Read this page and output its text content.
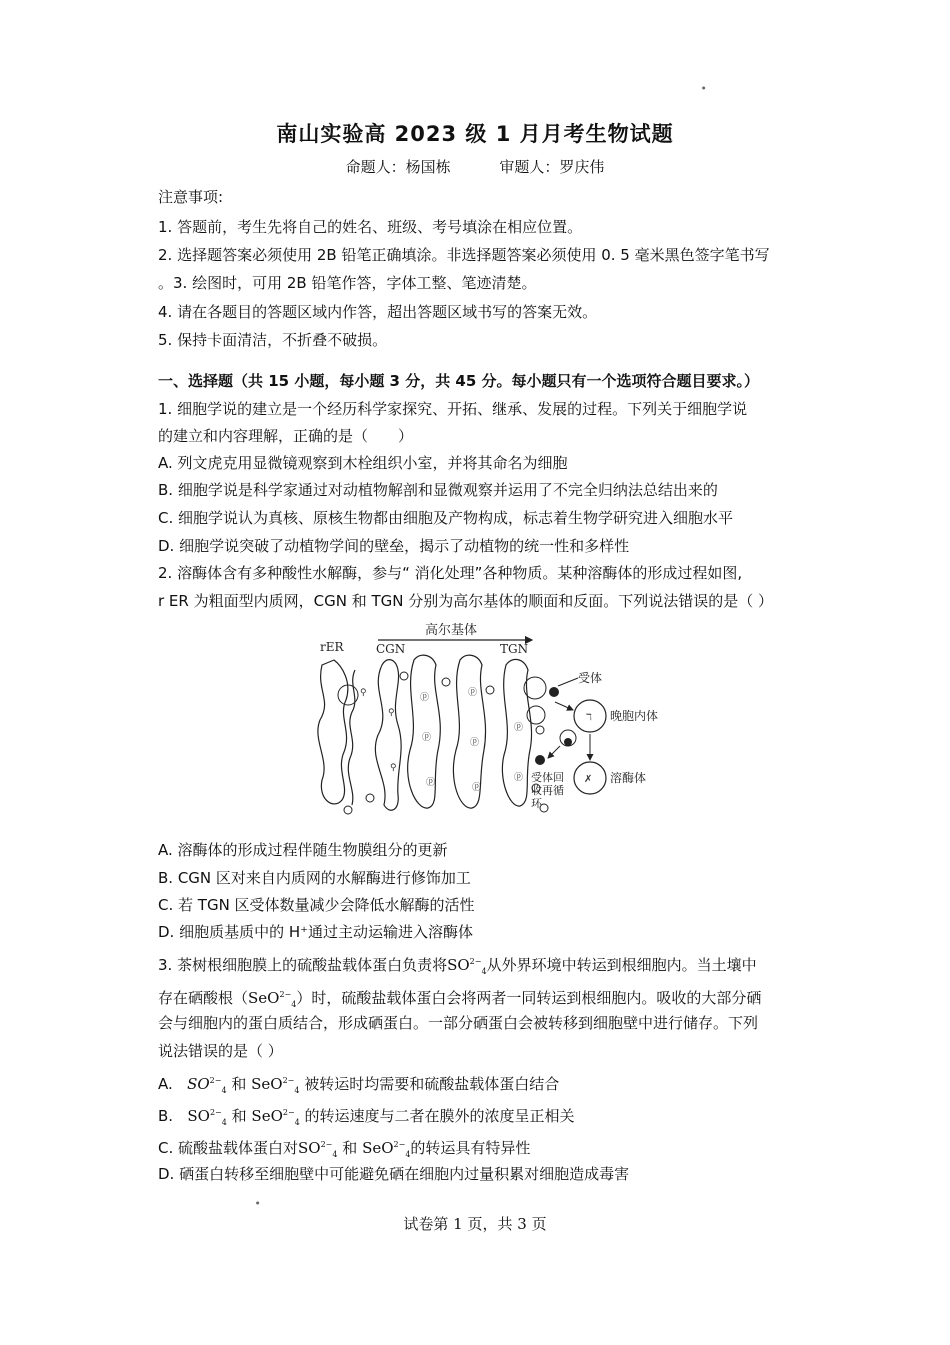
●
●
南山实验高 2023 级 1 月月考生物试题
命题人：杨国栋	审题人：罗庆伟
注意事项:
1. 答题前，考生先将自己的姓名、班级、考号填涂在相应位置。
2. 选择题答案必须使用 2B 铅笔正确填涂。非选择题答案必须使用 0. 5 毫米黑色签字笔书写
。3. 绘图时，可用 2B 铅笔作答，字体工整、笔迹清楚。
4. 请在各题目的答题区域内作答，超出答题区域书写的答案无效。
5. 保持卡面清洁，不折叠不破损。
一、选择题（共 15 小题，每小题 3 分，共 45 分。每小题只有一个选项符合题目要求。）
1. 细胞学说的建立是一个经历科学家探究、开拓、继承、发展的过程。下列关于细胞学说
的建立和内容理解，正确的是（　　）
A. 列文虎克用显微镜观察到木栓组织小室，并将其命名为细胞
B. 细胞学说是科学家通过对动植物解剖和显微观察并运用了不完全归纳法总结出来的
C. 细胞学说认为真核、原核生物都由细胞及产物构成，标志着生物学研究进入细胞水平
D. 细胞学说突破了动植物学间的壁垒，揭示了动植物的统一性和多样性
2. 溶酶体含有多种酸性水解酶，参与“ 消化处理”各种物质。某种溶酶体的形成过程如图,
r ER 为粗面型内质网，CGN 和 TGN 分别为高尔基体的顺面和反面。下列说法错误的是（ ）
高尔基体
rER	CGN	TGN
⚲
⚲
⚲
ⓟ
ⓟ
ⓟ
ⓟ
ⓟ
ⓟ
ⓟ
ⓟ
受体
ℸ 晚胞内体
✗ 溶酶体
受体回
收再循
环
A. 溶酶体的形成过程伴随生物膜组分的更新
B. CGN 区对来自内质网的水解酶进行修饰加工
C. 若 TGN 区受体数量减少会降低水解酶的活性
D. 细胞质基质中的 H⁺通过主动运输进入溶酶体
3. 茶树根细胞膜上的硫酸盐载体蛋白负责将$SO^{2-}_4$从外界环境中转运到根细胞内。当土壤中
存在硒酸根（SeO$^{2-}_4$）时，硫酸盐载体蛋白会将两者一同转运到根细胞内。吸收的大部分硒
会与细胞内的蛋白质结合，形成硒蛋白。一部分硒蛋白会被转移到细胞壁中进行储存。下列
说法错误的是（ ）
A. $SO^{2-}_4$ 和 SeO$^{2-}_4$ 被转运时均需要和硫酸盐载体蛋白结合
B. $SO^{2-}_4$ 和 SeO$^{2-}_4$ 的转运速度与二者在膜外的浓度呈正相关
C. 硫酸盐载体蛋白对$SO^{2-}_4$ 和 SeO$^{2-}_4$的转运具有特异性
D. 硒蛋白转移至细胞壁中可能避免硒在细胞内过量积累对细胞造成毒害
试卷第 1 页，共 3 页
